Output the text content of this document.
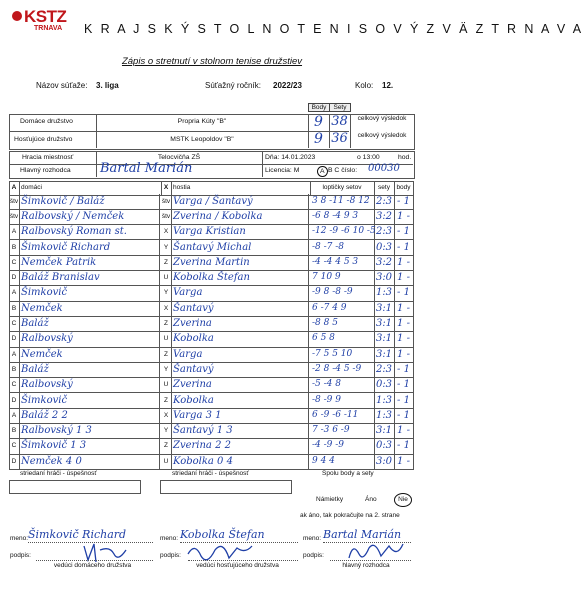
KSTZ
TRNAVA	K R A J S K Ý S T O L N O T E N I S O V Ý Z V Ä Z T R N A V A
Zápis o stretnutí v stolnom tenise družstiev
Názov súťaže: 3. liga	Súťažný ročník: 2022/23	Kolo: 12.
Body	Sety
Domáce družstvo	Propria Kúty "B"	9 38	celkový výsledok
Hosťujúce družstvo	MSTK Leopoldov "B"	9 36	celkový výsledok
Hracia miestnosť	Telocvičňa ZŠ	Dňa: 14.01.2023	o 13:00	hod.
Hlavný rozhodca Bartal Marián	Licencia: M	A B C číslo: 00030
A domáci	X hostia	loptičky setov	sety body
štv Šimkovič / Baláž	štv Varga / Šantavý	3 8 -11 -8 12 2:3 - 1
štv Ralbovský / Nemček	štv Zverina / Kobolka	-6 8 -4 9 3	3:2 1 -
A Ralbovský Roman st.	X Varga Kristian	-12 -9 -6 10 -5 2:3 - 1
B Šimkovič Richard	Y Šantavý Michal	-8 -7 -8	0:3 - 1
C Nemček Patrik	Z Zverina Martin	-4 -4 4 5 3	3:2 1 -
D Baláž Branislav	U Kobolka Štefan	7 10 9	3:0 1 -
A Šimkovič	Y Varga	-9 8 -8 -9	1:3 - 1
B Nemček	X Šantavý	6 -7 4 9	3:1 1 -
C Baláž	Z Zverina	-8 8 5	3:1 1 -
D Ralbovský	U Kobolka	6 5 8	3:1 1 -
A Nemček	Z Varga	-7 5 5 10	3:1 1 -
B Baláž	Y Šantavý	-2 8 -4 5 -9	2:3 - 1
C Ralbovský	U Zverina	-5 -4 8	0:3 - 1
D Šimkovič	Z Kobolka	-8 -9 9	1:3 - 1
A Baláž 2 2	X Varga 3 1	6 -9 -6 -11	1:3 - 1
B Ralbovský 1 3	Y Šantavý 1 3	7 -3 6 -9	3:1 1 -
C Šimkovič 1 3	Z Zverina 2 2	-4 -9 -9	0:3 - 1
D Nemček 4 0	U Kobolka 0 4	9 4 4	3:0 1 -
striedaní hráči - úspešnosť	striedaní hráči - úspešnosť	Spolu body a sety
Námietky	Áno	Nie
ak áno, tak pokračujte na 2. strane
meno: Šimkovič Richard	meno: Kobolka Štefan	meno: Bartal Marián
podpis:	podpis:	podpis:
vedúci domáceho družstva	vedúci hosťujúceho družstva	hlavný rozhodca
